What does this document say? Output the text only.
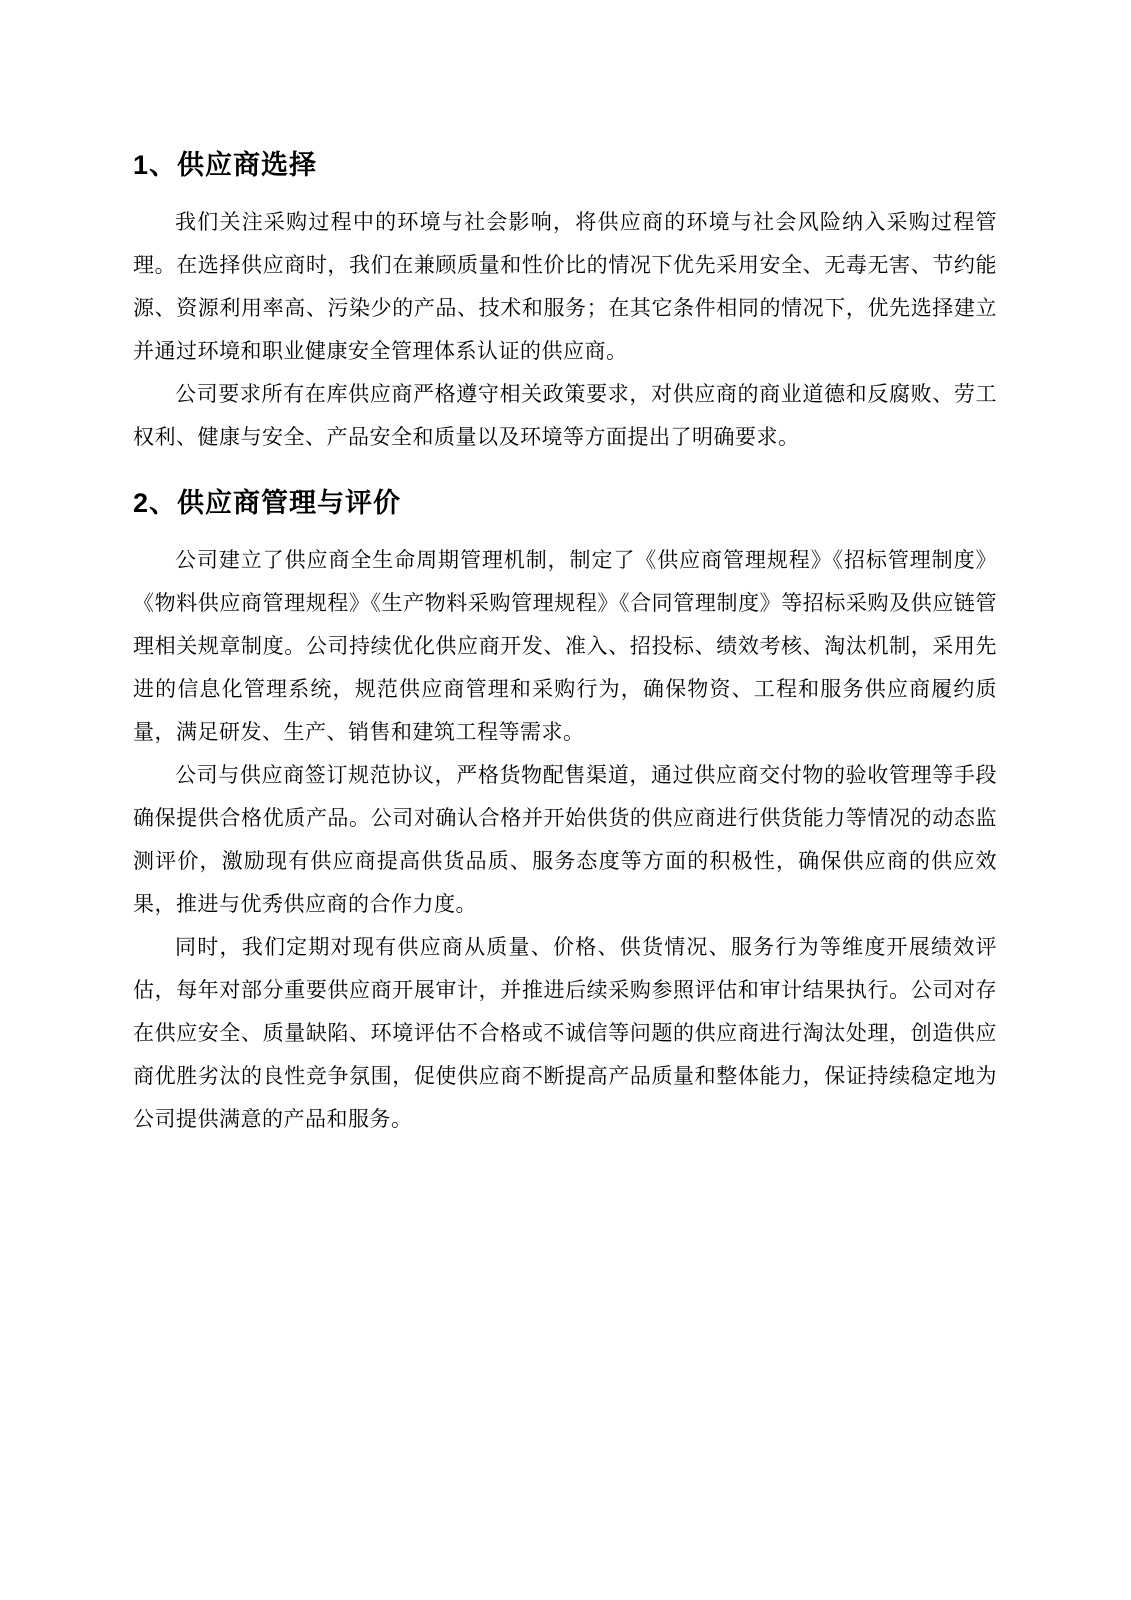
1、供应商选择

我们关注采购过程中的环境与社会影响，将供应商的环境与社会风险纳入采购过程管理。在选择供应商时，我们在兼顾质量和性价比的情况下优先采用安全、无毒无害、节约能源、资源利用率高、污染少的产品、技术和服务；在其它条件相同的情况下，优先选择建立并通过环境和职业健康安全管理体系认证的供应商。

公司要求所有在库供应商严格遵守相关政策要求，对供应商的商业道德和反腐败、劳工权利、健康与安全、产品安全和质量以及环境等方面提出了明确要求。

2、供应商管理与评价

公司建立了供应商全生命周期管理机制，制定了《供应商管理规程》《招标管理制度》《物料供应商管理规程》《生产物料采购管理规程》《合同管理制度》等招标采购及供应链管理相关规章制度。公司持续优化供应商开发、准入、招投标、绩效考核、淘汰机制，采用先进的信息化管理系统，规范供应商管理和采购行为，确保物资、工程和服务供应商履约质量，满足研发、生产、销售和建筑工程等需求。

公司与供应商签订规范协议，严格货物配售渠道，通过供应商交付物的验收管理等手段确保提供合格优质产品。公司对确认合格并开始供货的供应商进行供货能力等情况的动态监测评价，激励现有供应商提高供货品质、服务态度等方面的积极性，确保供应商的供应效果，推进与优秀供应商的合作力度。

同时，我们定期对现有供应商从质量、价格、供货情况、服务行为等维度开展绩效评估，每年对部分重要供应商开展审计，并推进后续采购参照评估和审计结果执行。公司对存在供应安全、质量缺陷、环境评估不合格或不诚信等问题的供应商进行淘汰处理，创造供应商优胜劣汰的良性竞争氛围，促使供应商不断提高产品质量和整体能力，保证持续稳定地为公司提供满意的产品和服务。
